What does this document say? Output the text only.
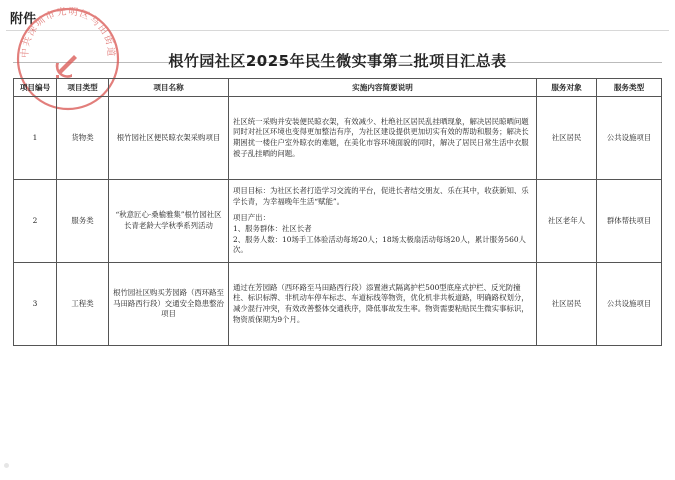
附件
中共深圳市光明区马田街道	根竹园社区2025年民生微实事第二批项目汇总表
项目编号	项目类型	项目名称	实施内容简要说明	服务对象	服务类型
1	货物类	根竹园社区便民晾衣架采购项目	社区统一采购并安装便民晾衣架，有效减少、杜绝社区居民乱挂晒现象，解决居民晾晒问题同时对社区环境也变得更加整洁有序，为社区建设提供更加切实有效的帮助和服务；解决长期困扰一楼住户室外晾衣的难题，在美化市容环境面貌的同时，解决了居民日常生活中衣服被子乱挂晒的问题。	社区居民	公共设施项目
2	服务类	“秋意匠心·桑榆雅集”根竹园社区长青老龄大学秋季系列活动	项目目标：为社区长者打造学习交流的平台，促进长者结交朋友、乐在其中，收获新知、乐学长青，为幸福晚年生活“赋能”。

项目产出：

1、服务群体：社区长者

2、服务人数：10场手工体验活动每场20人；18场太极扇活动每场20人，累计服务560人次。	社区老年人	群体帮扶项目
3	工程类	根竹园社区购买芳园路（西环路至马田路西行段）交通安全隐患整治项目	通过在芳园路（西环路至马田路西行段）添置港式隔离护栏500型底座式护栏、反光防撞柱、标识标牌、非机动车停车标志、车道标线等物资，优化机非共板道路，明确路权划分，减少混行冲突，有效改善整体交通秩序，降低事故发生率。物资需要粘贴民生微实事标识，物资质保期为9个月。	社区居民	公共设施项目
